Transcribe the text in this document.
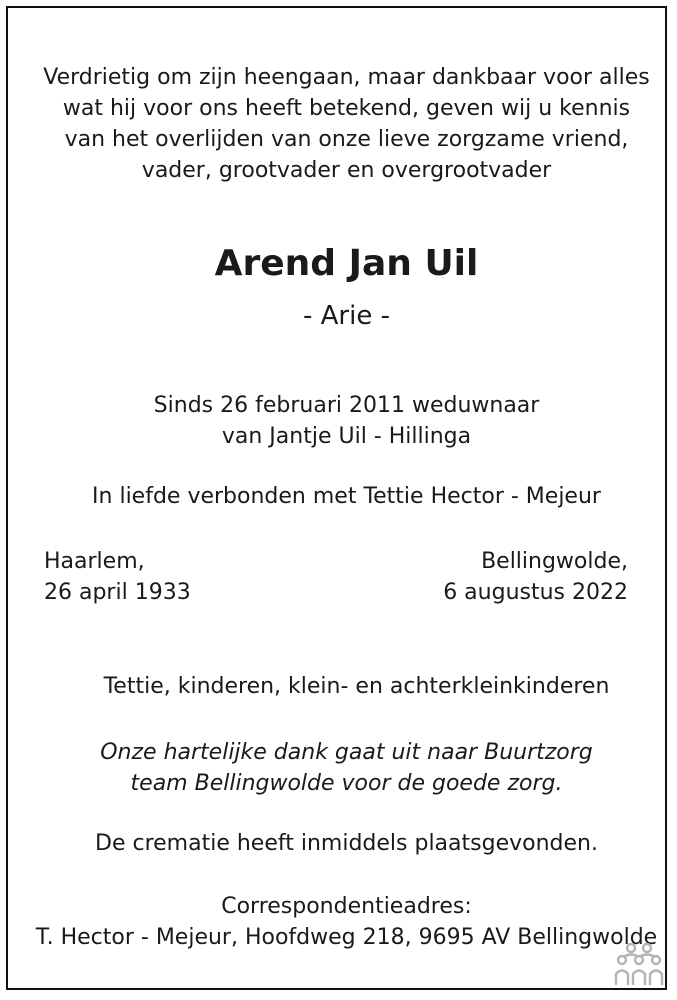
Verdrietig om zijn heengaan, maar dankbaar voor alles
wat hij voor ons heeft betekend, geven wij u kennis
van het overlijden van onze lieve zorgzame vriend,
vader, grootvader en overgrootvader
Arend Jan Uil
- Arie -
Sinds 26 februari 2011 weduwnaar
van Jantje Uil - Hillinga
In liefde verbonden met Tettie Hector - Mejeur
Haarlem,
26 april 1933
Bellingwolde,
6 augustus 2022
Tettie, kinderen, klein- en achterkleinkinderen
Onze hartelijke dank gaat uit naar Buurtzorg
team Bellingwolde voor de goede zorg.
De crematie heeft inmiddels plaatsgevonden.
Correspondentieadres:
T. Hector - Mejeur, Hoofdweg 218, 9695 AV Bellingwolde
